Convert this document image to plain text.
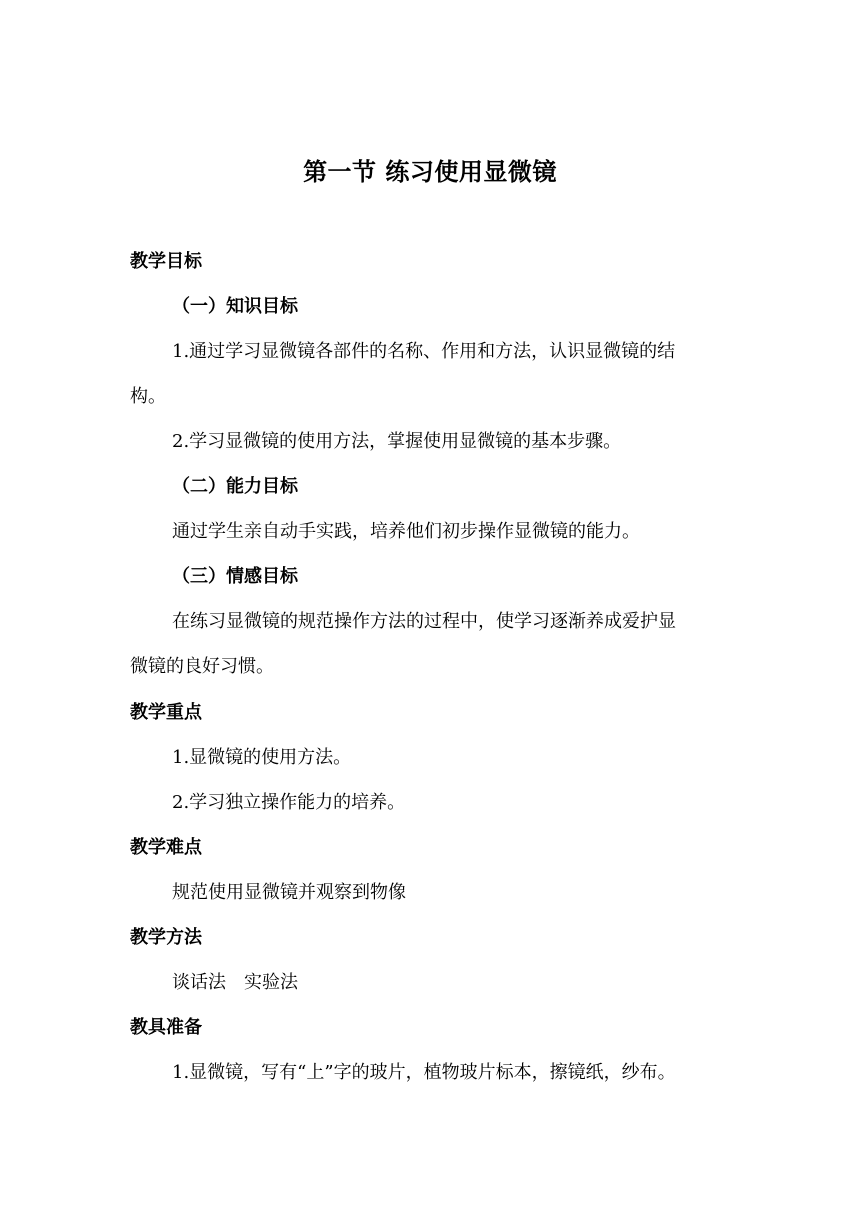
第一节 练习使用显微镜
教学目标
（一）知识目标
1.通过学习显微镜各部件的名称、作用和方法，认识显微镜的结
构。
2.学习显微镜的使用方法，掌握使用显微镜的基本步骤。
（二）能力目标
通过学生亲自动手实践，培养他们初步操作显微镜的能力。
（三）情感目标
在练习显微镜的规范操作方法的过程中，使学习逐渐养成爱护显
微镜的良好习惯。
教学重点
1.显微镜的使用方法。
2.学习独立操作能力的培养。
教学难点
规范使用显微镜并观察到物像
教学方法
谈话法　实验法
教具准备
1.显微镜，写有“上”字的玻片，植物玻片标本，擦镜纸，纱布。
